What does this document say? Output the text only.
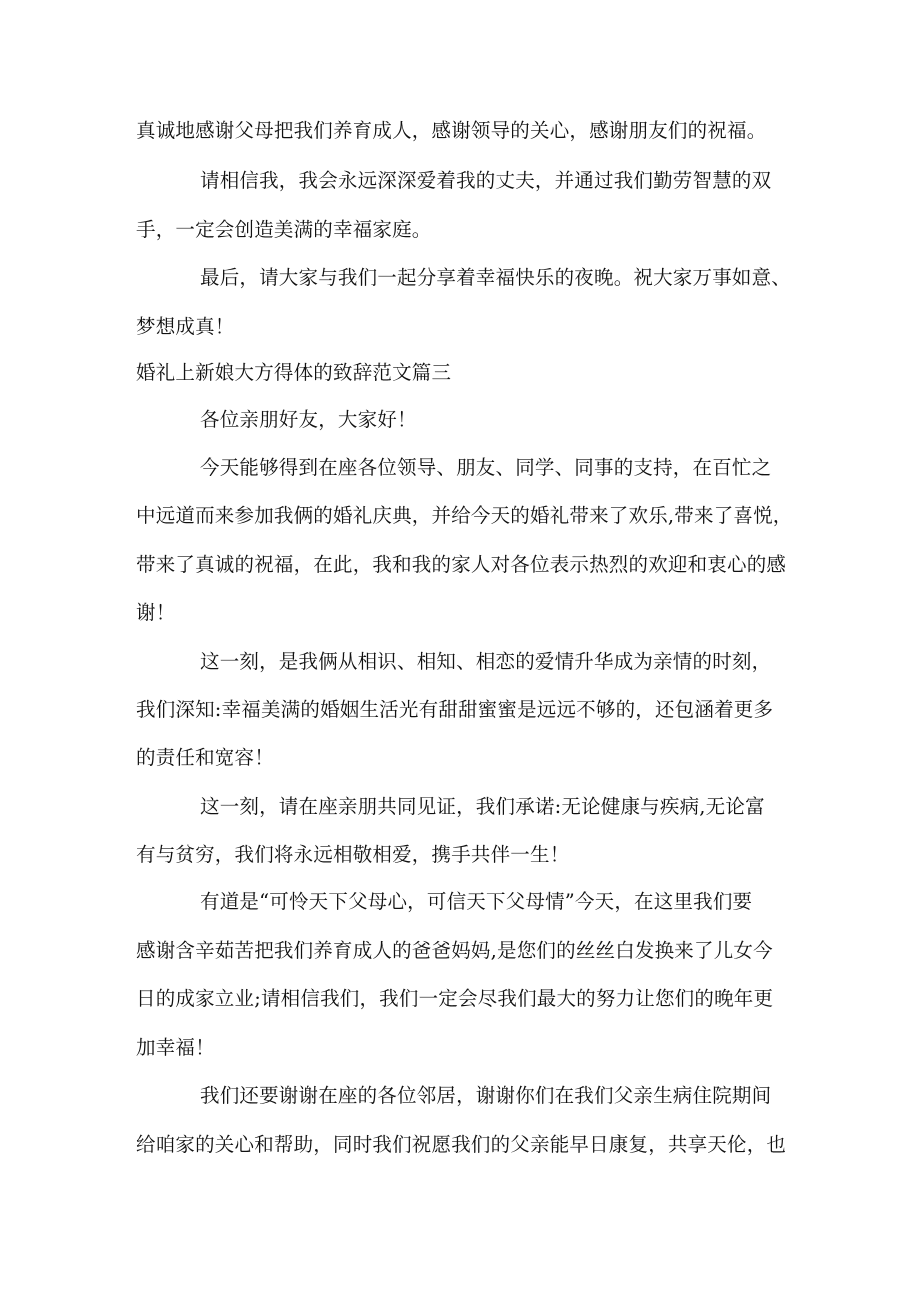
真诚地感谢父母把我们养育成人，感谢领导的关心，感谢朋友们的祝福。

请相信我，我会永远深深爱着我的丈夫，并通过我们勤劳智慧的双

手，一定会创造美满的幸福家庭。

最后，请大家与我们一起分享着幸福快乐的夜晚。祝大家万事如意、

梦想成真！

婚礼上新娘大方得体的致辞范文篇三

各位亲朋好友，大家好！

今天能够得到在座各位领导、朋友、同学、同事的支持，在百忙之

中远道而来参加我俩的婚礼庆典，并给今天的婚礼带来了欢乐,带来了喜悦，

带来了真诚的祝福，在此，我和我的家人对各位表示热烈的欢迎和衷心的感

谢！

这一刻，是我俩从相识、相知、相恋的爱情升华成为亲情的时刻，

我们深知:幸福美满的婚姻生活光有甜甜蜜蜜是远远不够的，还包涵着更多

的责任和宽容！

这一刻，请在座亲朋共同见证，我们承诺:无论健康与疾病,无论富

有与贫穷，我们将永远相敬相爱，携手共伴一生！

有道是“可怜天下父母心，可信天下父母情”今天，在这里我们要

感谢含辛茹苦把我们养育成人的爸爸妈妈,是您们的丝丝白发换来了儿女今

日的成家立业;请相信我们，我们一定会尽我们最大的努力让您们的晚年更

加幸福！

我们还要谢谢在座的各位邻居，谢谢你们在我们父亲生病住院期间

给咱家的关心和帮助，同时我们祝愿我们的父亲能早日康复，共享天伦，也
